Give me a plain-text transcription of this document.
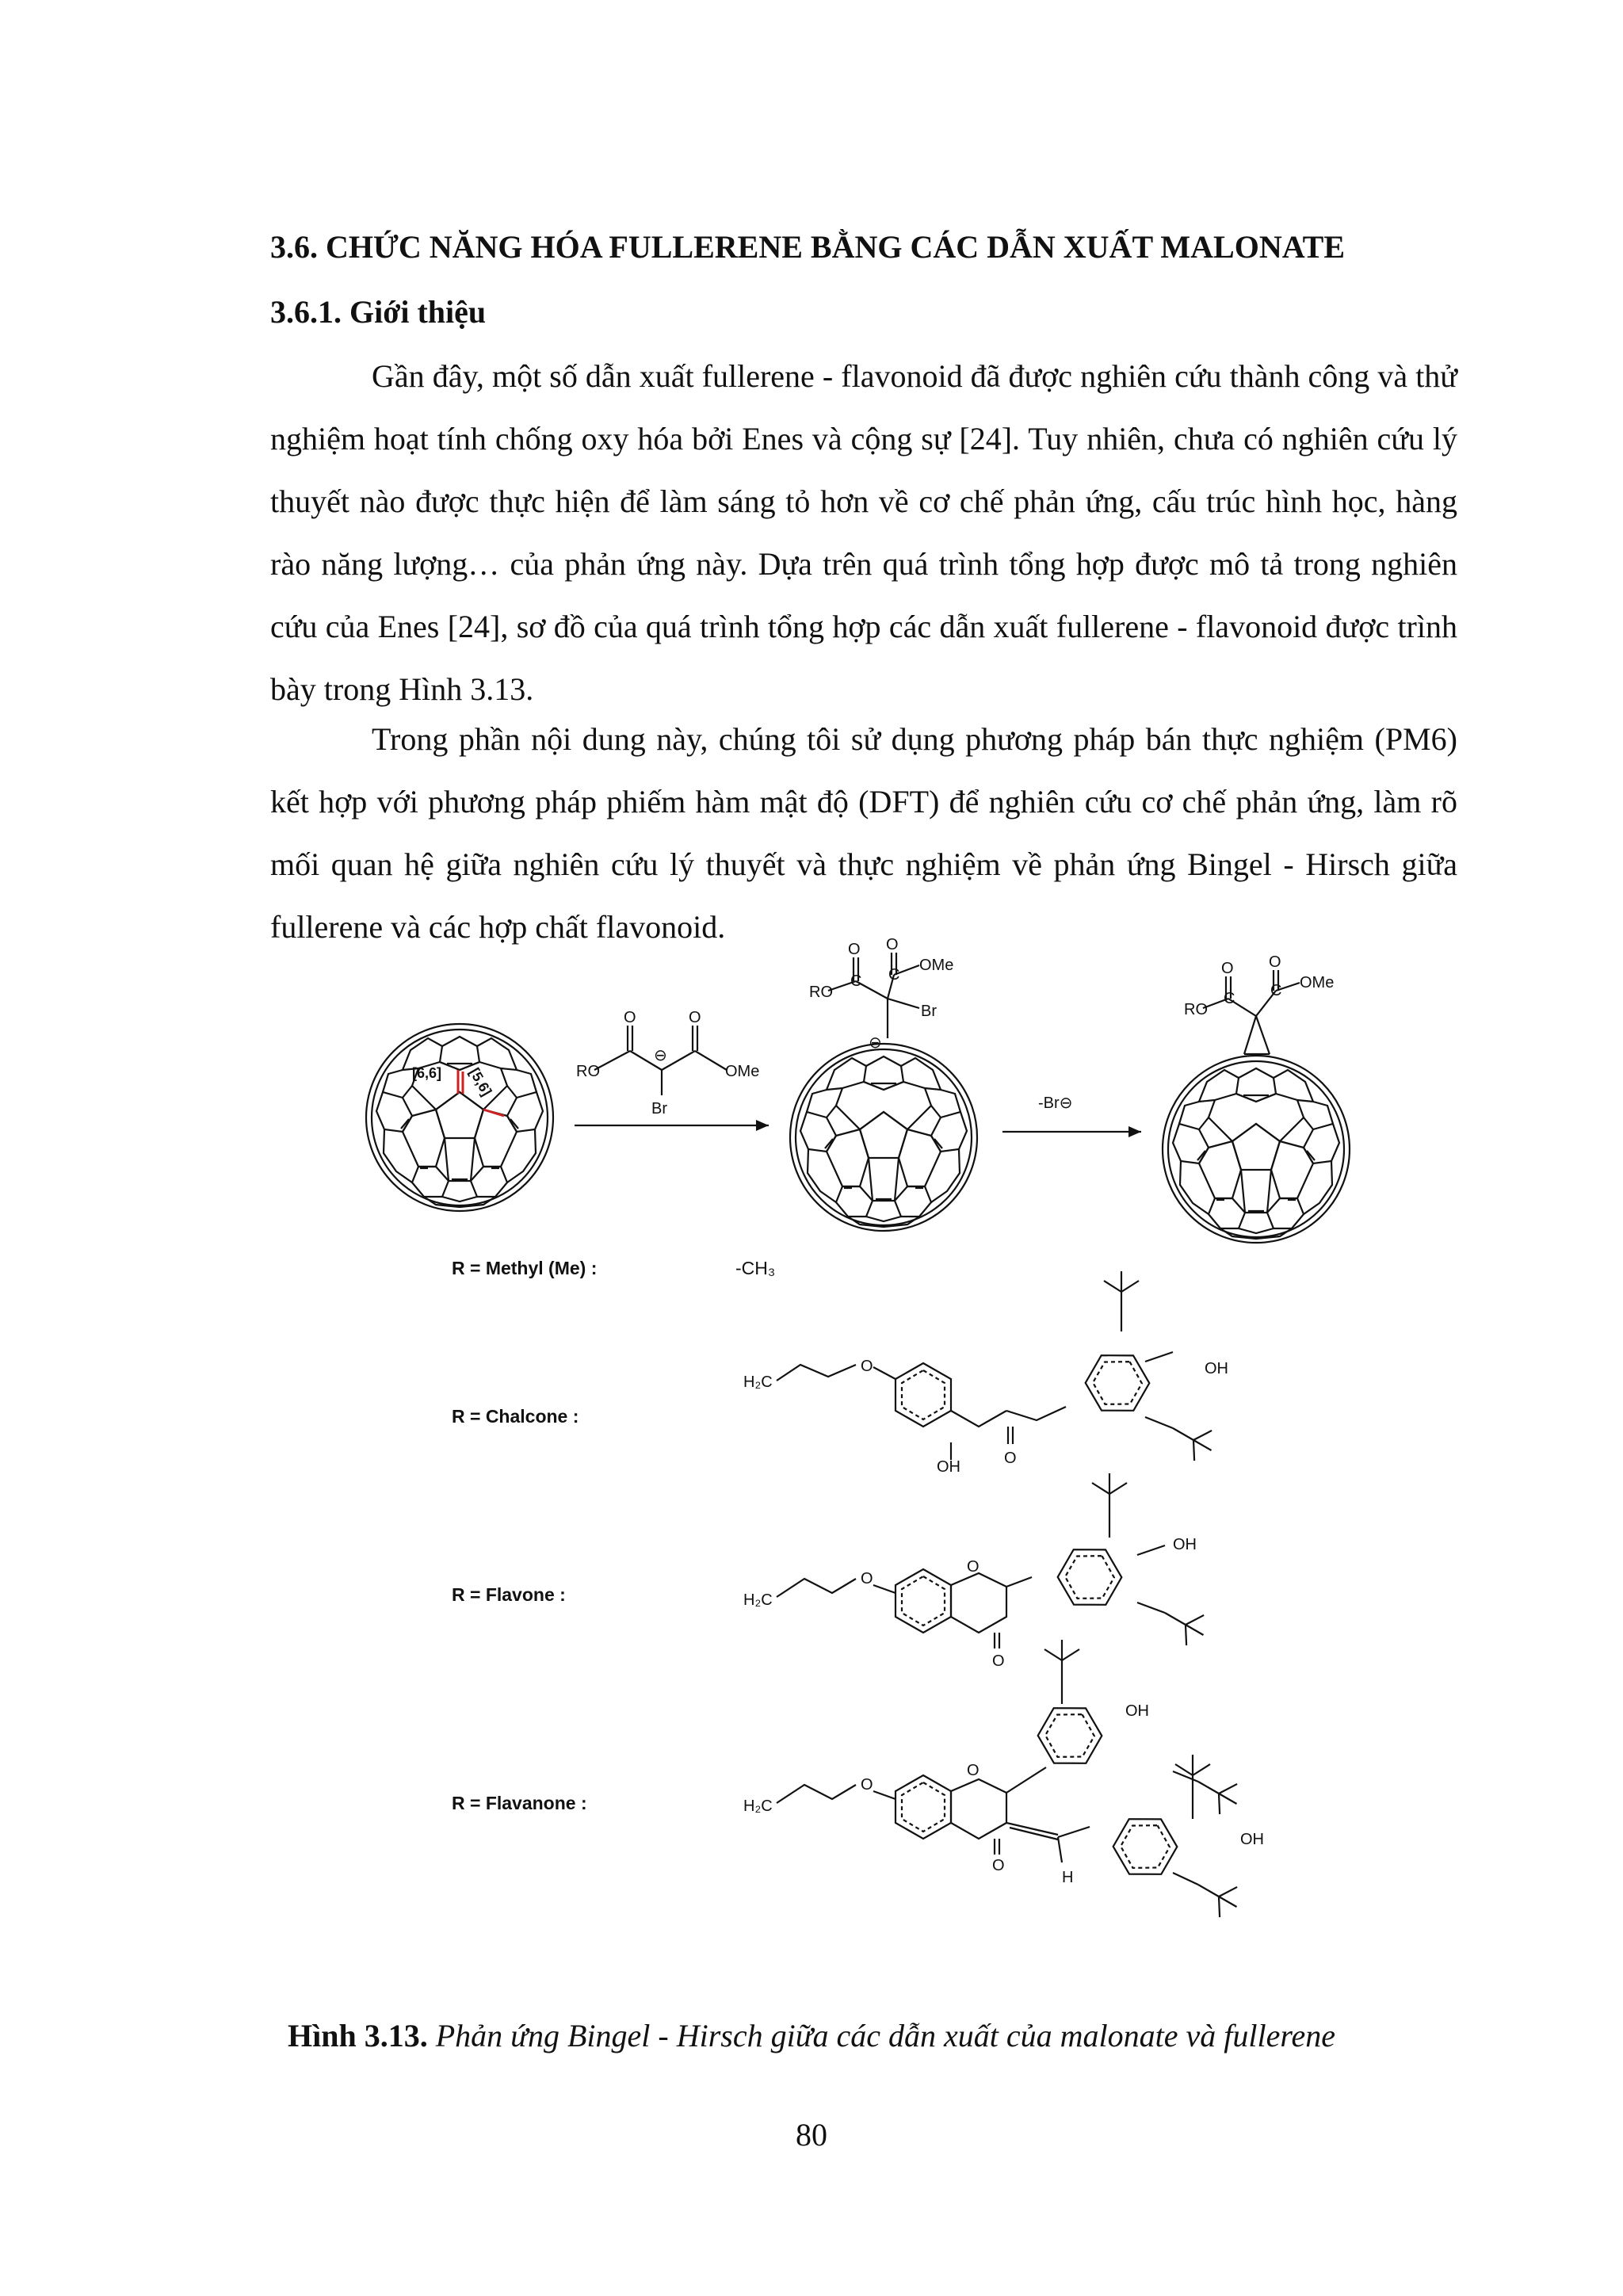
3.6. CHỨC NĂNG HÓA FULLERENE BẰNG CÁC DẪN XUẤT MALONATE
3.6.1. Giới thiệu

Gần đây, một số dẫn xuất fullerene - flavonoid đã được nghiên cứu thành công và thử nghiệm hoạt tính chống oxy hóa bởi Enes và cộng sự [24]. Tuy nhiên, chưa có nghiên cứu lý thuyết nào được thực hiện để làm sáng tỏ hơn về cơ chế phản ứng, cấu trúc hình học, hàng rào năng lượng… của phản ứng này. Dựa trên quá trình tổng hợp được mô tả trong nghiên cứu của Enes [24], sơ đồ của quá trình tổng hợp các dẫn xuất fullerene - flavonoid được trình bày trong Hình 3.13.

Trong phần nội dung này, chúng tôi sử dụng phương pháp bán thực nghiệm (PM6) kết hợp với phương pháp phiếm hàm mật độ (DFT) để nghiên cứu cơ chế phản ứng, làm rõ mối quan hệ giữa nghiên cứu lý thuyết và thực nghiệm về phản ứng Bingel - Hirsch giữa fullerene và các hợp chất flavonoid.

[6,6] [5,6]	RO
O	O
⊖
OMe
Br
O O
RO
C C
OMe
Br
⊖
-Br⊖
O O
RO
C C OMe
R = Methyl (Me) :	-CH₃
R = Chalcone :
H₂C
O
OH	O
OH
R = Flavone :	H₂C
O
O
O
OH
R = Flavanone :	H₂C
O
O
O
H
OH
OH

Hình 3.13. Phản ứng Bingel - Hirsch giữa các dẫn xuất của malonate và fullerene

80
